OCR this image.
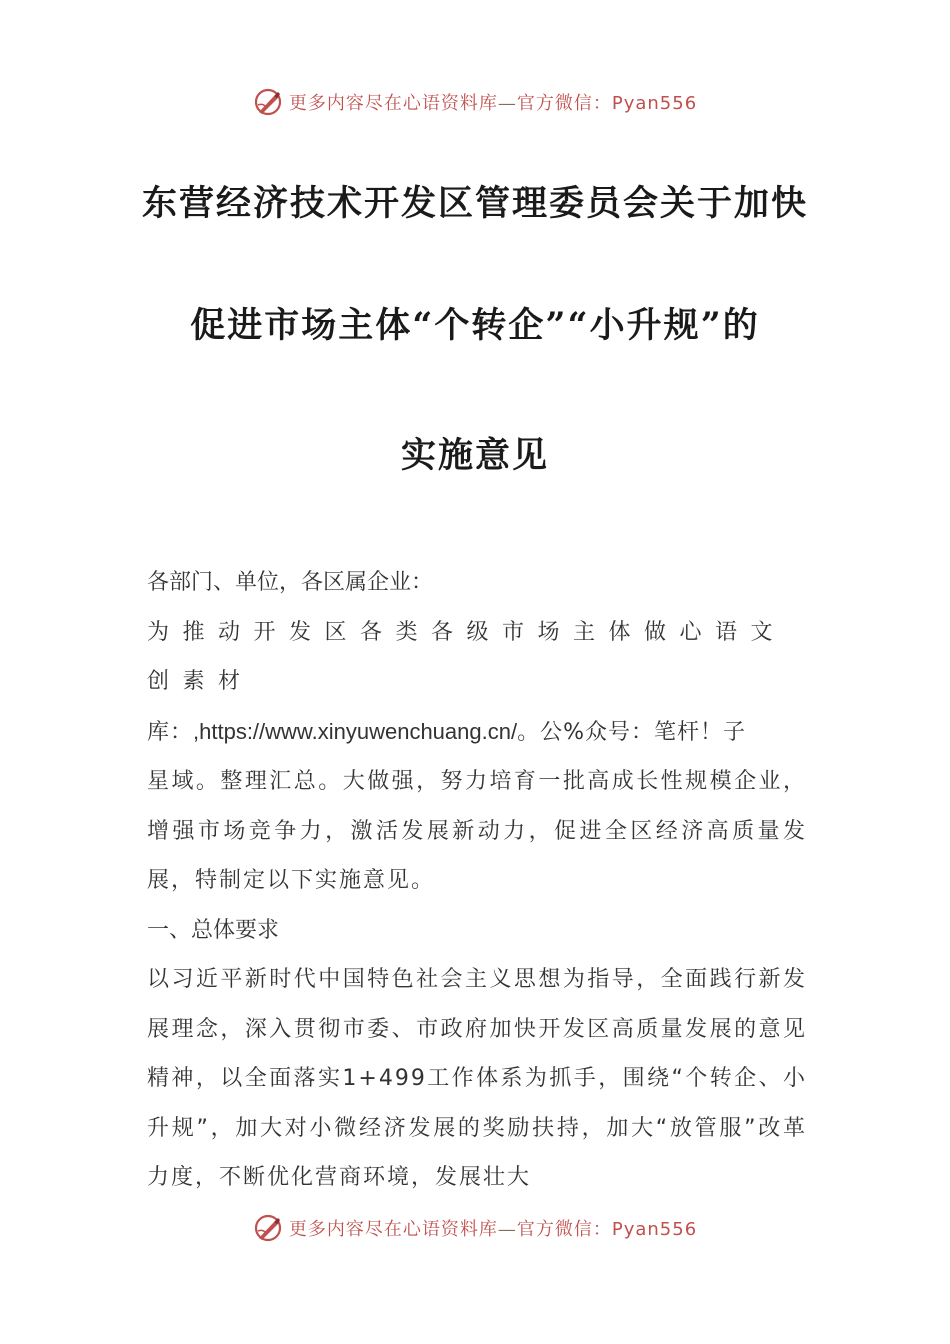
更多内容尽在心语资料库—官方微信：Pyan556
东营经济技术开发区管理委员会关于加快
促进市场主体“个转企”“小升规”的
实施意见

各部门、单位，各区属企业：

为推动开发区各类各级市场主体做心语文创素材

库：,https://www.xinyuwenchuang.cn/。公%众号：笔杆！子

星域。整理汇总。大做强，努力培育一批高成长性规模企业，增强市场竞争力，激活发展新动力，促进全区经济高质量发展，特制定以下实施意见。

一、总体要求

以习近平新时代中国特色社会主义思想为指导，全面践行新发展理念，深入贯彻市委、市政府加快开发区高质量发展的意见精神，以全面落实1+499工作体系为抓手，围绕“个转企、小升规”，加大对小微经济发展的奖励扶持，加大“放管服”改革力度，不断优化营商环境，发展壮大

更多内容尽在心语资料库—官方微信：Pyan556
